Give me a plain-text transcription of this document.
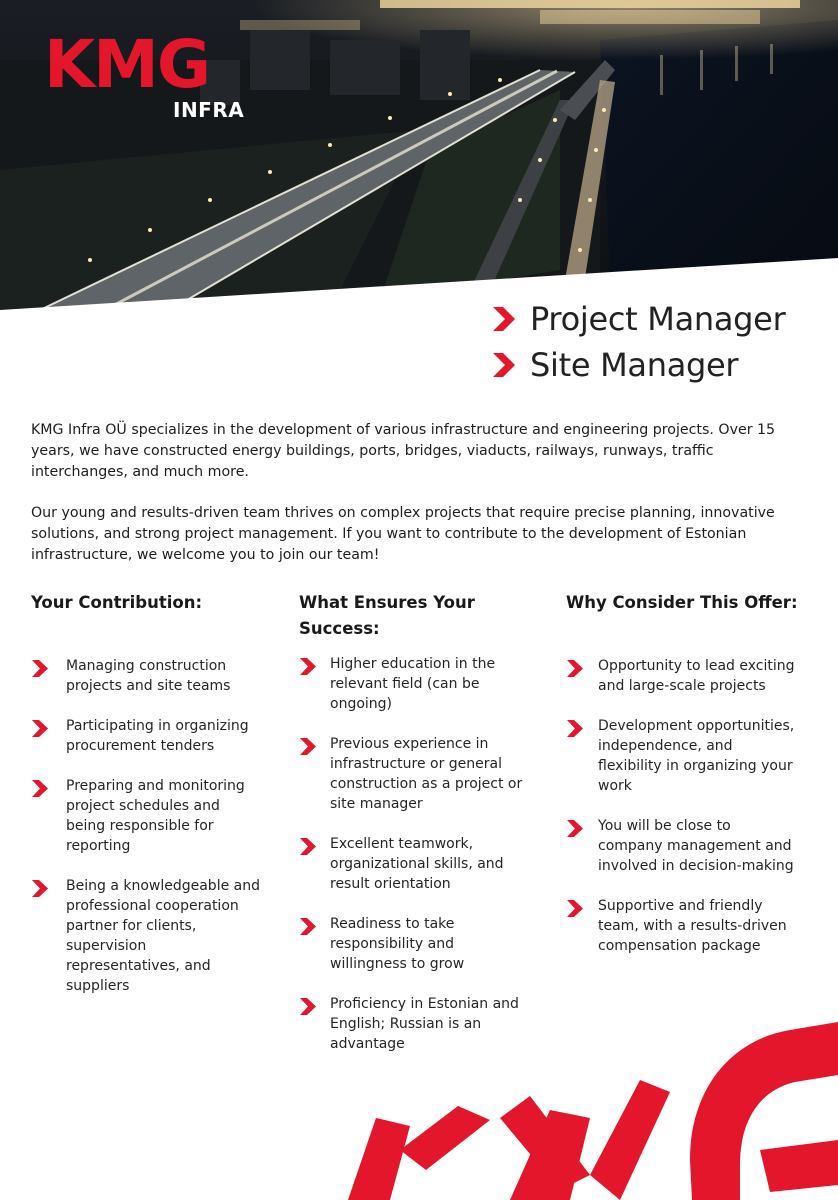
KMG
INFRA
Project Manager
Site Manager

KMG Infra OÜ specializes in the development of various infrastructure and engineering projects. Over 15 years, we have constructed energy buildings, ports, bridges, viaducts, railways, runways, traffic interchanges, and much more.

Our young and results-driven team thrives on complex projects that require precise planning, innovative solutions, and strong project management. If you want to contribute to the development of Estonian infrastructure, we welcome you to join our team!

Your Contribution:
Managing construction projects and site teams
Participating in organizing procurement tenders
Preparing and monitoring project schedules and being responsible for reporting
Being a knowledgeable and professional cooperation partner for clients, supervision representatives, and suppliers
What Ensures Your Success:
Higher education in the relevant field (can be ongoing)
Previous experience in infrastructure or general construction as a project or site manager
Excellent teamwork, organizational skills, and result orientation
Readiness to take responsibility and willingness to grow
Proficiency in Estonian and English; Russian is an advantage
Why Consider This Offer:
Opportunity to lead exciting and large-scale projects
Development opportunities, independence, and flexibility in organizing your work
You will be close to company management and involved in decision-making
Supportive and friendly team, with a results-driven compensation package
